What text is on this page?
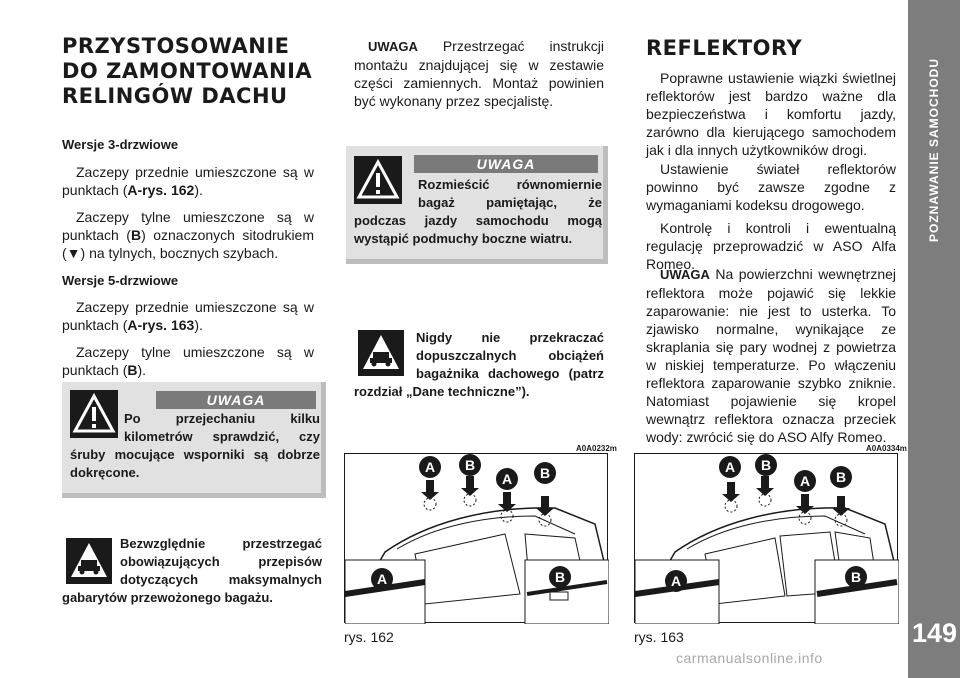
POZNAWANIE SAMOCHODU
149
PRZYSTOSOWANIE
DO ZAMONTOWANIA
RELINGÓW DACHU
Wersje 3-drzwiowe
Zaczepy przednie umieszczone są w punktach (A-rys. 162).
Zaczepy tylne umieszczone są w punktach (B) oznaczonych sitodrukiem (▼) na tylnych, bocznych szybach.
Wersje 5-drzwiowe
Zaczepy przednie umieszczone są w punktach (A-rys. 163).
Zaczepy tylne umieszczone są w punktach (B).
UWAGA
Po przejechaniu kilku kilometrów sprawdzić, czy śruby mocujące wsporniki są dobrze dokręcone.
Bezwzględnie przestrzegać obowiązujących przepisów dotyczących maksymalnych gabarytów przewożonego bagażu.
UWAGA Przestrzegać instrukcji montażu znajdującej się w zestawie części zamiennych. Montaż powinien być wykonany przez specjalistę.
UWAGA
Rozmieścić równomiernie bagaż pamiętając, że podczas jazdy samochodu mogą wystąpić podmuchy boczne wiatru.
Nigdy nie przekraczać dopuszczalnych obciążeń bagażnika dachowego (patrz rozdział „Dane techniczne”).
A0A0232m
A	B
A	B
A	B
rys. 162
REFLEKTORY
Poprawne ustawienie wiązki świetlnej reflektorów jest bardzo ważne dla bezpieczeństwa i komfortu jazdy, zarówno dla kierującego samochodem jak i dla innych użytkowników drogi.
Ustawienie świateł reflektorów powinno być zawsze zgodne z wymaganiami kodeksu drogowego.
Kontrolę i kontroli i ewentualną regulację przeprowadzić w ASO Alfa Romeo.
UWAGA Na powierzchni wewnętrznej reflektora może pojawić się lekkie zaparowanie: nie jest to usterka. To zjawisko normalne, wynikające ze skraplania się pary wodnej z powietrza w niskiej temperaturze. Po włączeniu reflektora zaparowanie szybko zniknie. Natomiast pojawienie się kropel wewnątrz reflektora oznacza przeciek wody: zwrócić się do ASO Alfy Romeo.
A0A0334m
A	B
A	B
A	B
rys. 163
carmanualsonline.info
